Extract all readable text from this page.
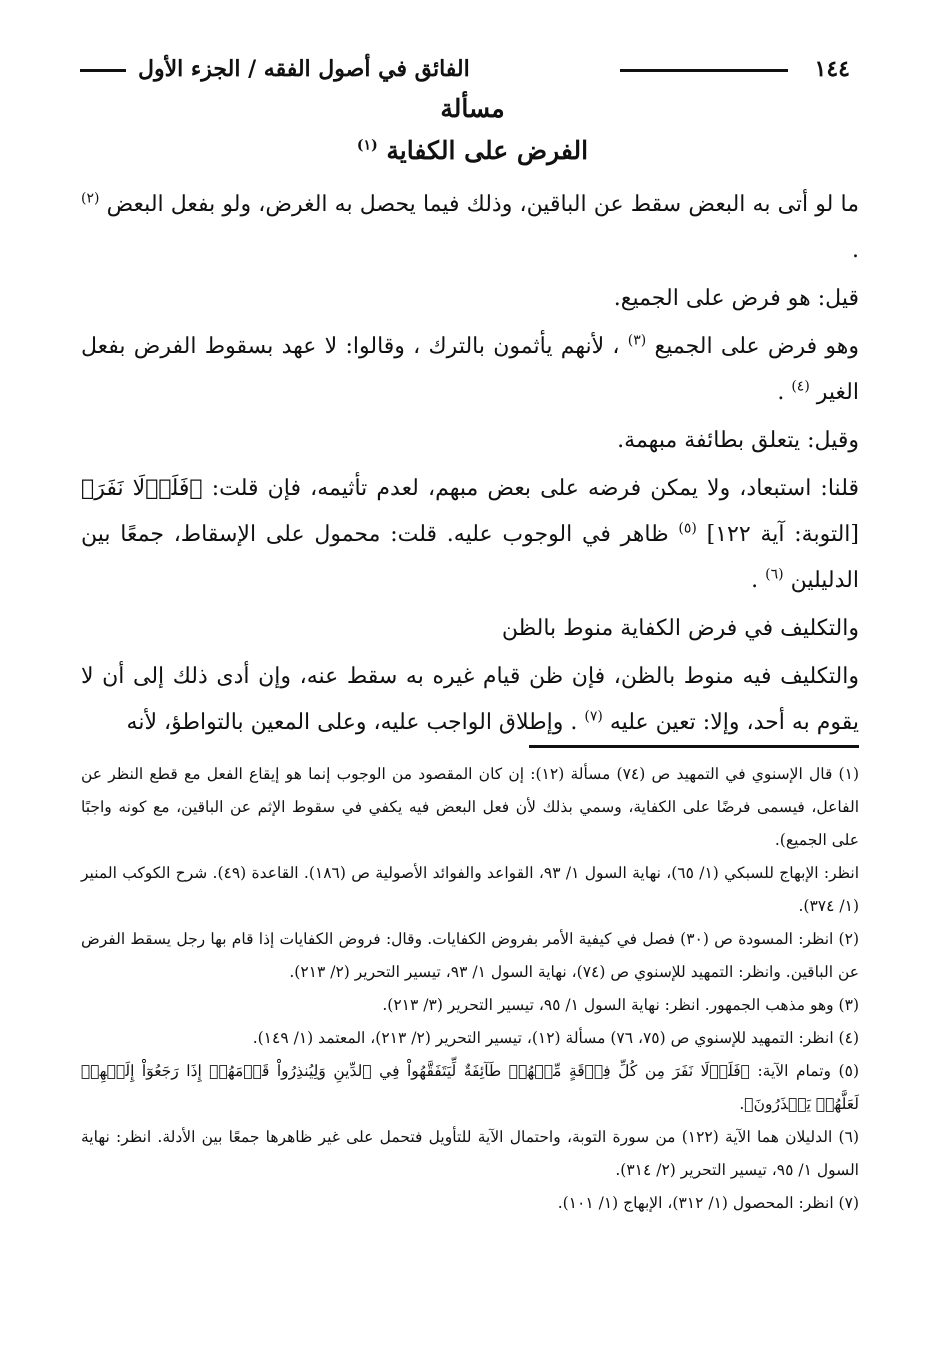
١٤٤
الفائق في أصول الفقه / الجزء الأول
مسألة
الفرض على الكفاية $^{(١)}$

ما لو أتى به البعض سقط عن الباقين، وذلك فيما يحصل به الغرض، ولو بفعل البعض $^{(٢)}$ .

قيل: هو فرض على الجميع.

وهو فرض على الجميع $^{(٣)}$ ، لأنهم يأثمون بالترك ، وقالوا: لا عهد بسقوط الفرض بفعل الغير $^{(٤)}$ .

وقيل: يتعلق بطائفة مبهمة.

قلنا: استبعاد، ولا يمكن فرضه على بعض مبهم، لعدم تأثيمه، فإن قلت: ﴿فَلَوۡلَا نَفَرَ﴾ [التوبة: آية ١٢٢] $^{(٥)}$ ظاهر في الوجوب عليه. قلت: محمول على الإسقاط، جمعًا بين الدليلين $^{(٦)}$ .

والتكليف في فرض الكفاية منوط بالظن

والتكليف فيه منوط بالظن، فإن ظن قيام غيره به سقط عنه، وإن أدى ذلك إلى أن لا يقوم به أحد، وإلا: تعين عليه $^{(٧)}$ . وإطلاق الواجب عليه، وعلى المعين بالتواطؤ، لأنه

(١) قال الإسنوي في التمهيد ص (٧٤) مسألة (١٢): إن كان المقصود من الوجوب إنما هو إيقاع الفعل مع قطع النظر عن الفاعل، فيسمى فرضًا على الكفاية، وسمي بذلك لأن فعل البعض فيه يكفي في سقوط الإثم عن الباقين، مع كونه واجبًا على الجميع).

انظر: الإبهاج للسبكي (١/ ٦٥)، نهاية السول ١/ ٩٣، القواعد والفوائد الأصولية ص (١٨٦). القاعدة (٤٩). شرح الكوكب المنير (١/ ٣٧٤).

(٢) انظر: المسودة ص (٣٠) فصل في كيفية الأمر بفروض الكفايات. وقال: فروض الكفايات إذا قام بها رجل يسقط الفرض عن الباقين. وانظر: التمهيد للإسنوي ص (٧٤)، نهاية السول ١/ ٩٣، تيسير التحرير (٢/ ٢١٣).

(٣) وهو مذهب الجمهور. انظر: نهاية السول ١/ ٩٥، تيسير التحرير (٣/ ٢١٣).

(٤) انظر: التمهيد للإسنوي ص (٧٥، ٧٦) مسألة (١٢)، تيسير التحرير (٢/ ٢١٣)، المعتمد (١/ ١٤٩).

(٥) وتمام الآية: ﴿فَلَوۡلَا نَفَرَ مِن كُلِّ فِرۡقَةٍ مِّنۡهُمۡ طَآئِفَةٌ لِّيَتَفَقَّهُواْ فِي ٱلدِّينِ وَلِيُنذِرُواْ قَوۡمَهُمۡ إِذَا رَجَعُوٓاْ إِلَيۡهِمۡ لَعَلَّهُمۡ يَحۡذَرُونَ﴾.

(٦) الدليلان هما الآية (١٢٢) من سورة التوبة، واحتمال الآية للتأويل فتحمل على غير ظاهرها جمعًا بين الأدلة. انظر: نهاية السول ١/ ٩٥، تيسير التحرير (٢/ ٣١٤).

(٧) انظر: المحصول (١/ ٣١٢)، الإبهاج (١/ ١٠١).
